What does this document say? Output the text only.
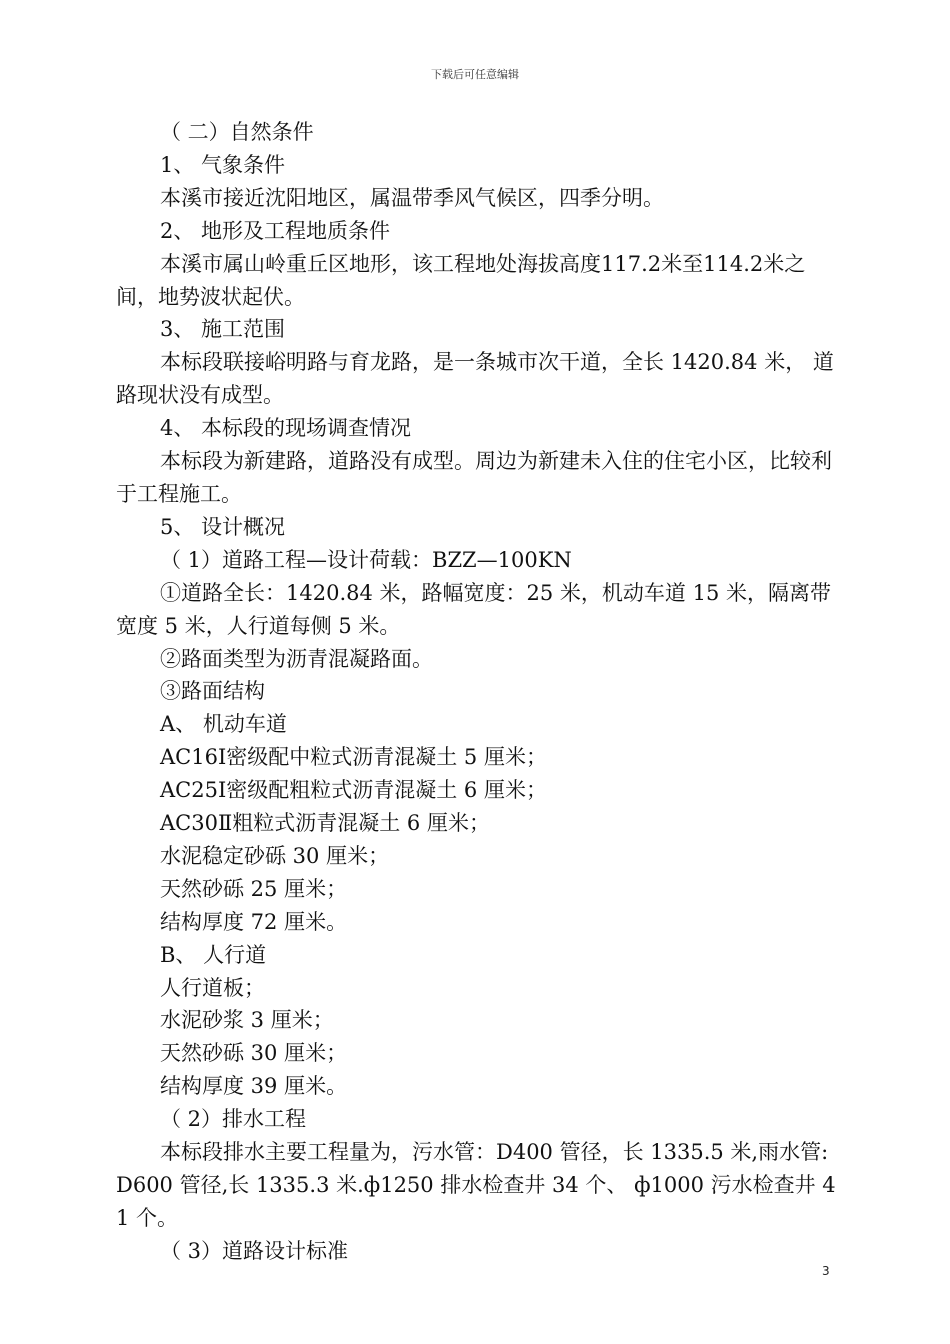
下载后可任意编辑

（ 二）自然条件

1、 气象条件

本溪市接近沈阳地区，属温带季风气候区，四季分明。

2、 地形及工程地质条件

本溪市属山岭重丘区地形，该工程地处海拔高度117.2米至114.2米之间，地势波状起伏。

3、 施工范围

本标段联接峪明路与育龙路，是一条城市次干道，全长 1420.84 米， 道路现状没有成型。

4、 本标段的现场调查情况

本标段为新建路，道路没有成型。周边为新建未入住的住宅小区，比较利于工程施工。

5、 设计概况

（ 1）道路工程—设计荷载：BZZ—100KN

①道路全长：1420.84 米，路幅宽度：25 米，机动车道 15 米，隔离带宽度 5 米，人行道每侧 5 米。

②路面类型为沥青混凝路面。

③路面结构

A、 机动车道

AC16Ⅰ密级配中粒式沥青混凝土 5 厘米；

AC25Ⅰ密级配粗粒式沥青混凝土 6 厘米；

AC30Ⅱ粗粒式沥青混凝土 6 厘米；

水泥稳定砂砾 30 厘米；

天然砂砾 25 厘米；

结构厚度 72 厘米。

B、 人行道

人行道板；

水泥砂浆 3 厘米；

天然砂砾 30 厘米；

结构厚度 39 厘米。

（ 2）排水工程

本标段排水主要工程量为，污水管：D400 管径，长 1335.5 米,雨水管:D600 管径,长 1335.3 米.ф1250 排水检查井 34 个、 ф1000 污水检查井 41 个。

（ 3）道路设计标准

3
